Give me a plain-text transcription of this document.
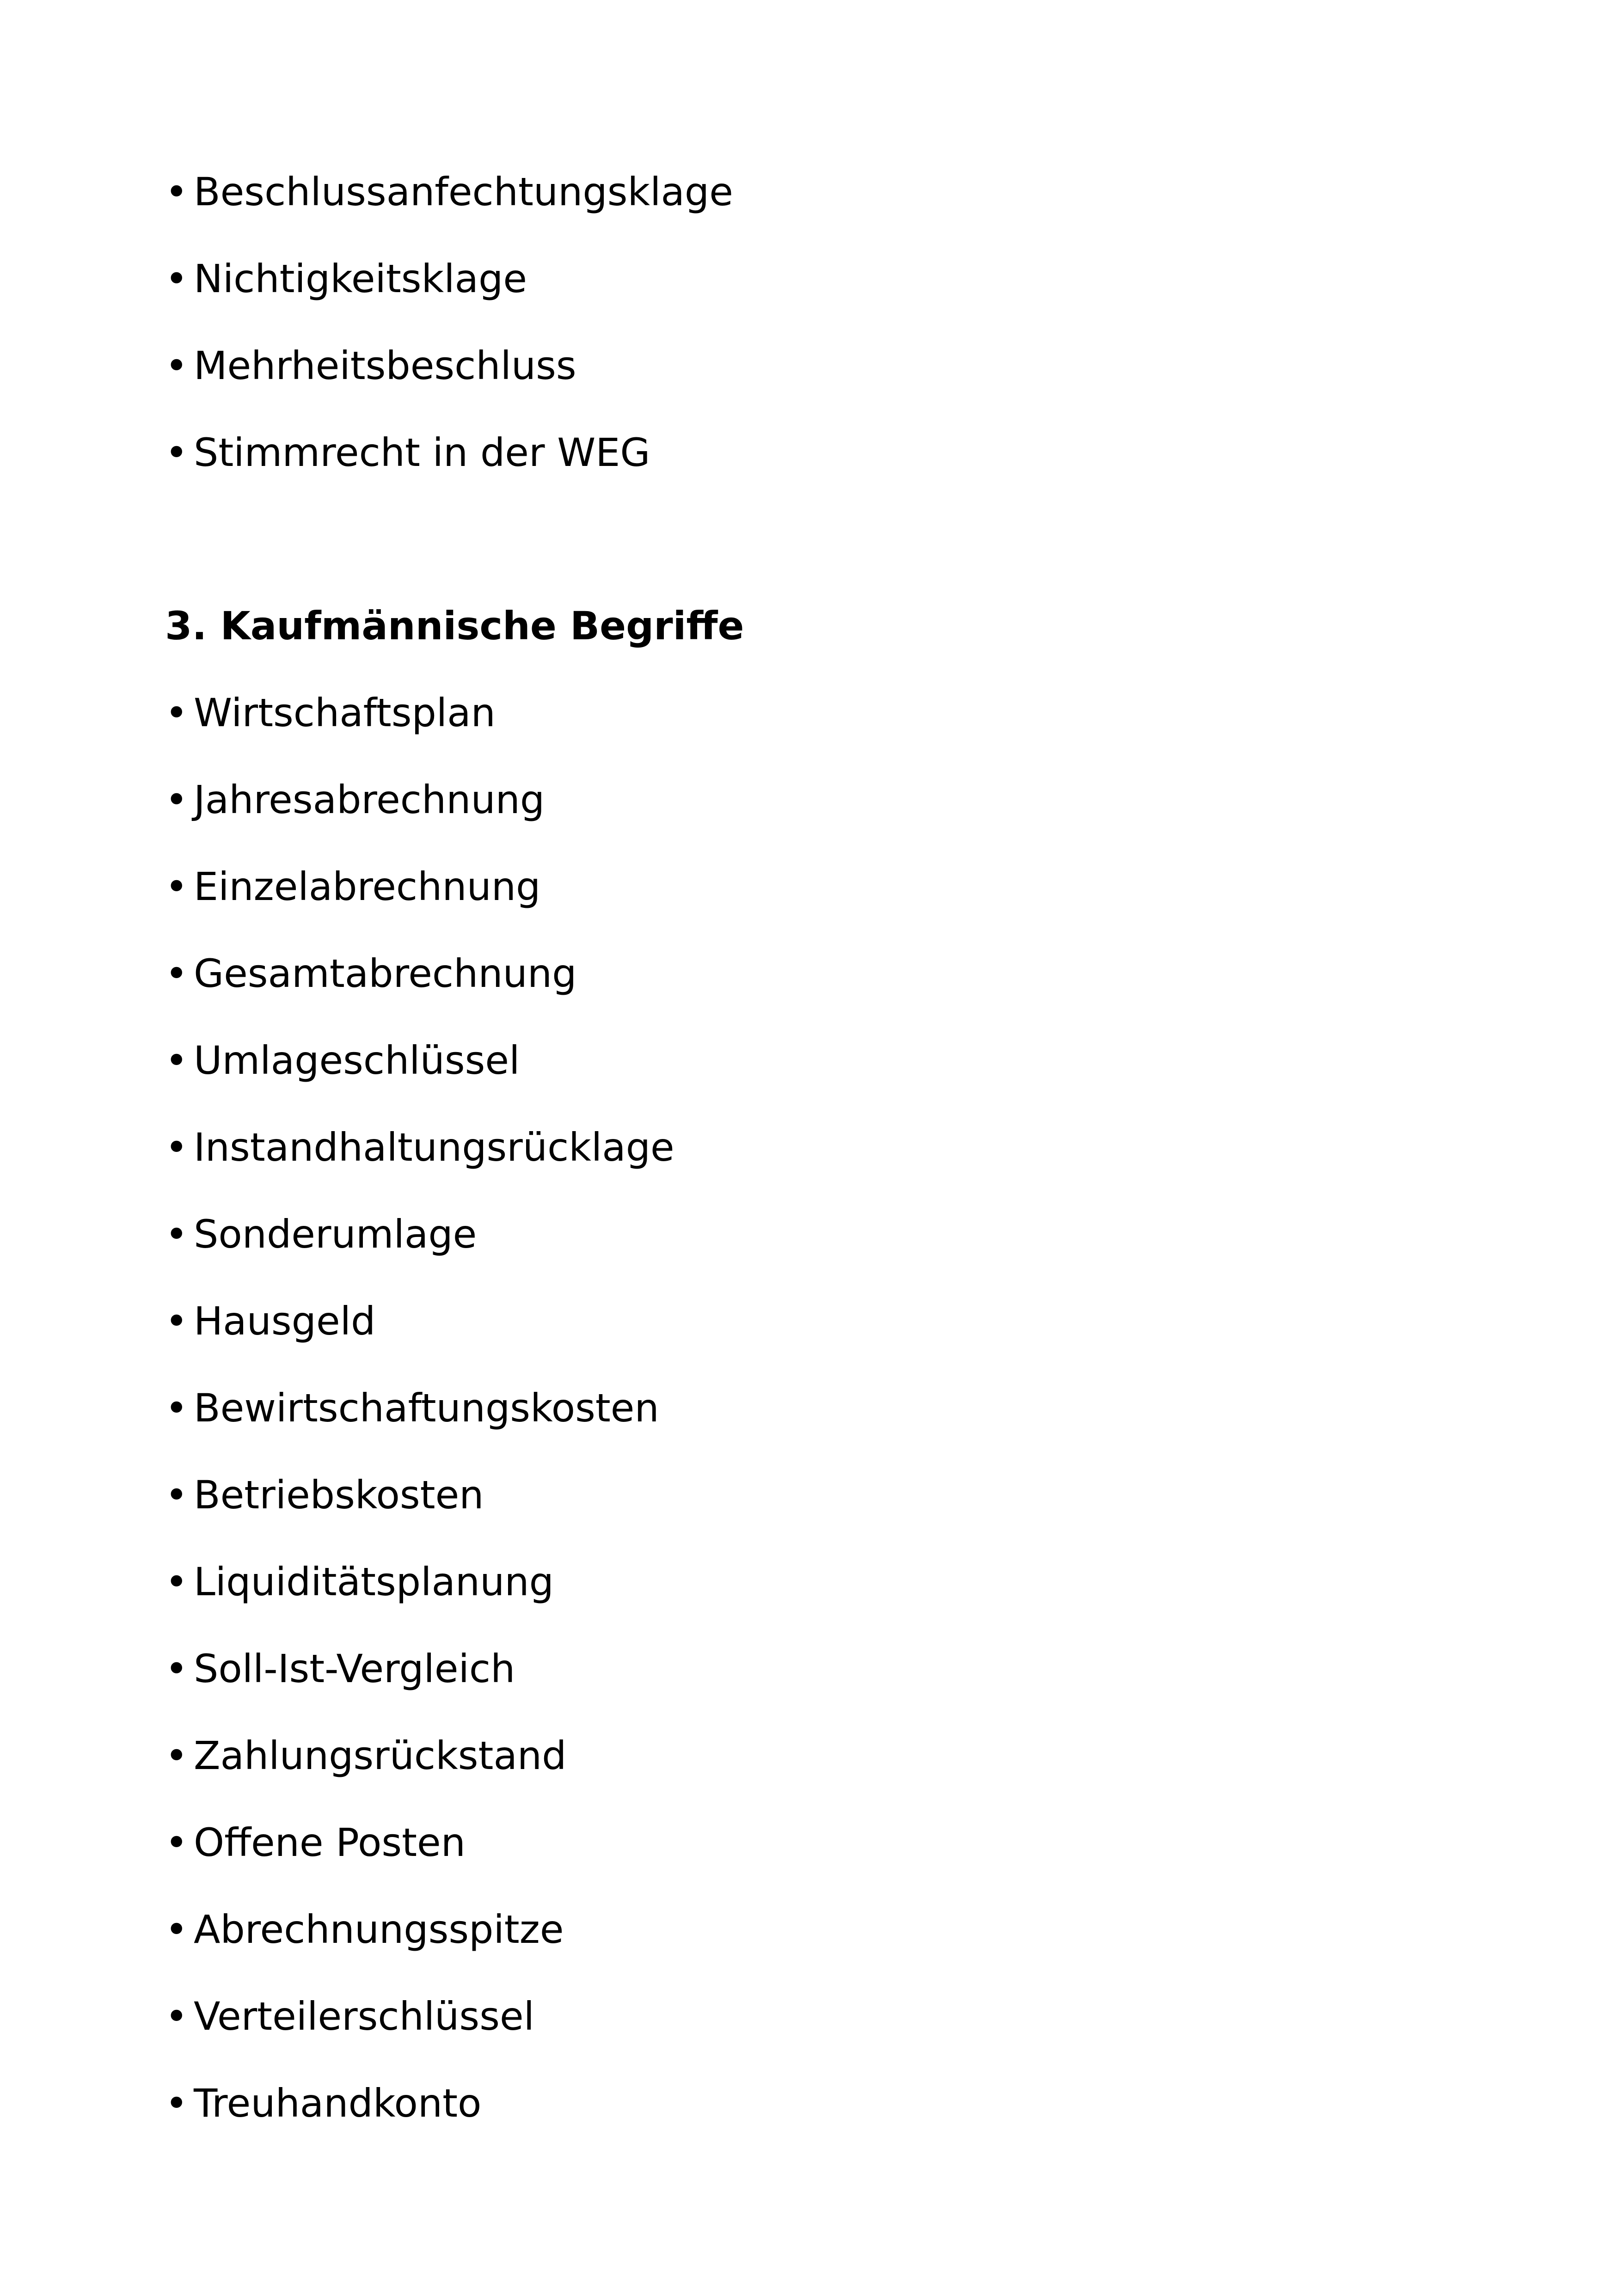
• Beschlussanfechtungsklage
• Nichtigkeitsklage
• Mehrheitsbeschluss
• Stimmrecht in der WEG
3. Kaufmännische Begriffe
• Wirtschaftsplan
• Jahresabrechnung
• Einzelabrechnung
• Gesamtabrechnung
• Umlageschlüssel
• Instandhaltungsrücklage
• Sonderumlage
• Hausgeld
• Bewirtschaftungskosten
• Betriebskosten
• Liquiditätsplanung
• Soll-Ist-Vergleich
• Zahlungsrückstand
• Offene Posten
• Abrechnungsspitze
• Verteilerschlüssel
• Treuhandkonto
